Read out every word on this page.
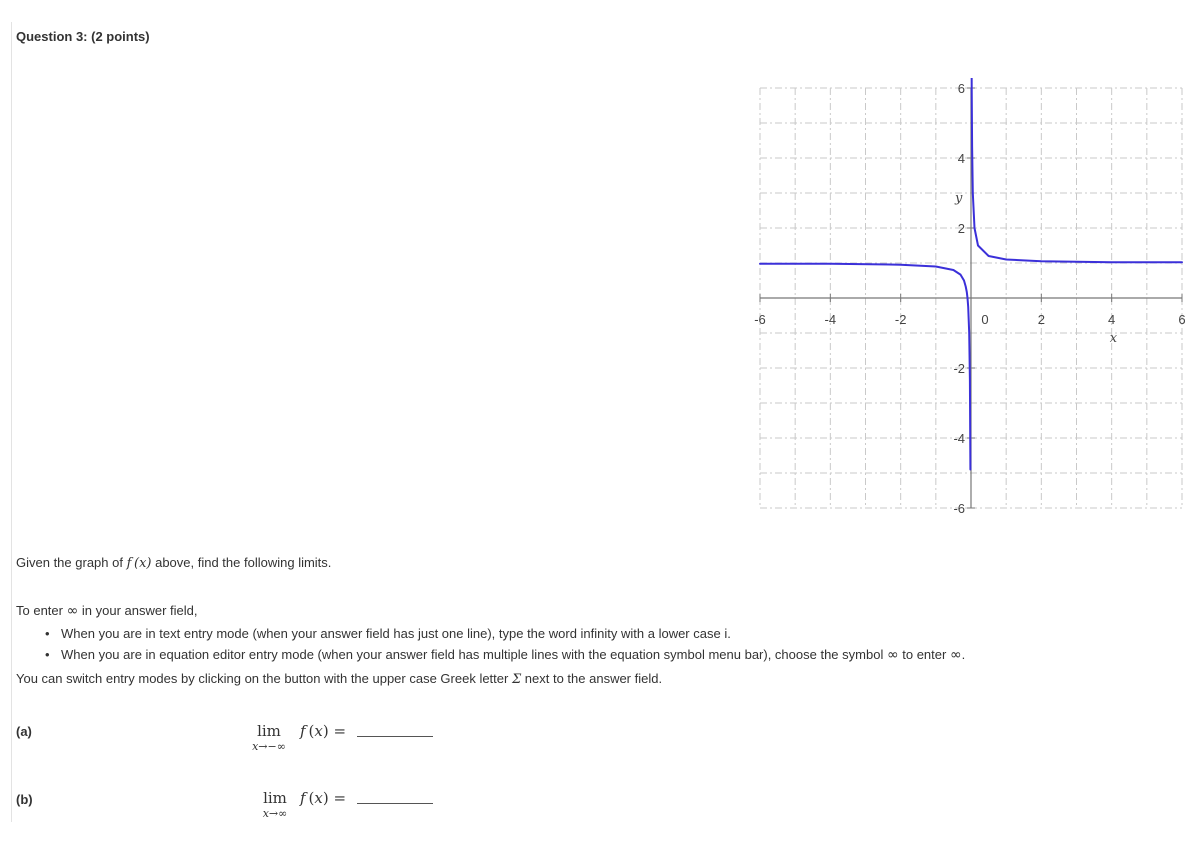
Question 3: (2 points)
-6	-4	-2	0	2	4	6
6
4
2
-2
-4
-6
x
y
Given the graph of f (x) above, find the following limits.
To enter ∞ in your answer field,
• When you are in text entry mode (when your answer field has just one line), type the word infinity with a lower case i.
• When you are in equation editor entry mode (when your answer field has multiple lines with the equation symbol menu bar), choose the symbol ∞ to enter ∞.
You can switch entry modes by clicking on the button with the upper case Greek letter Σ next to the answer field.
(a)	lim
x→−∞
f (x) =
(b)	lim
x→∞
f (x) =
